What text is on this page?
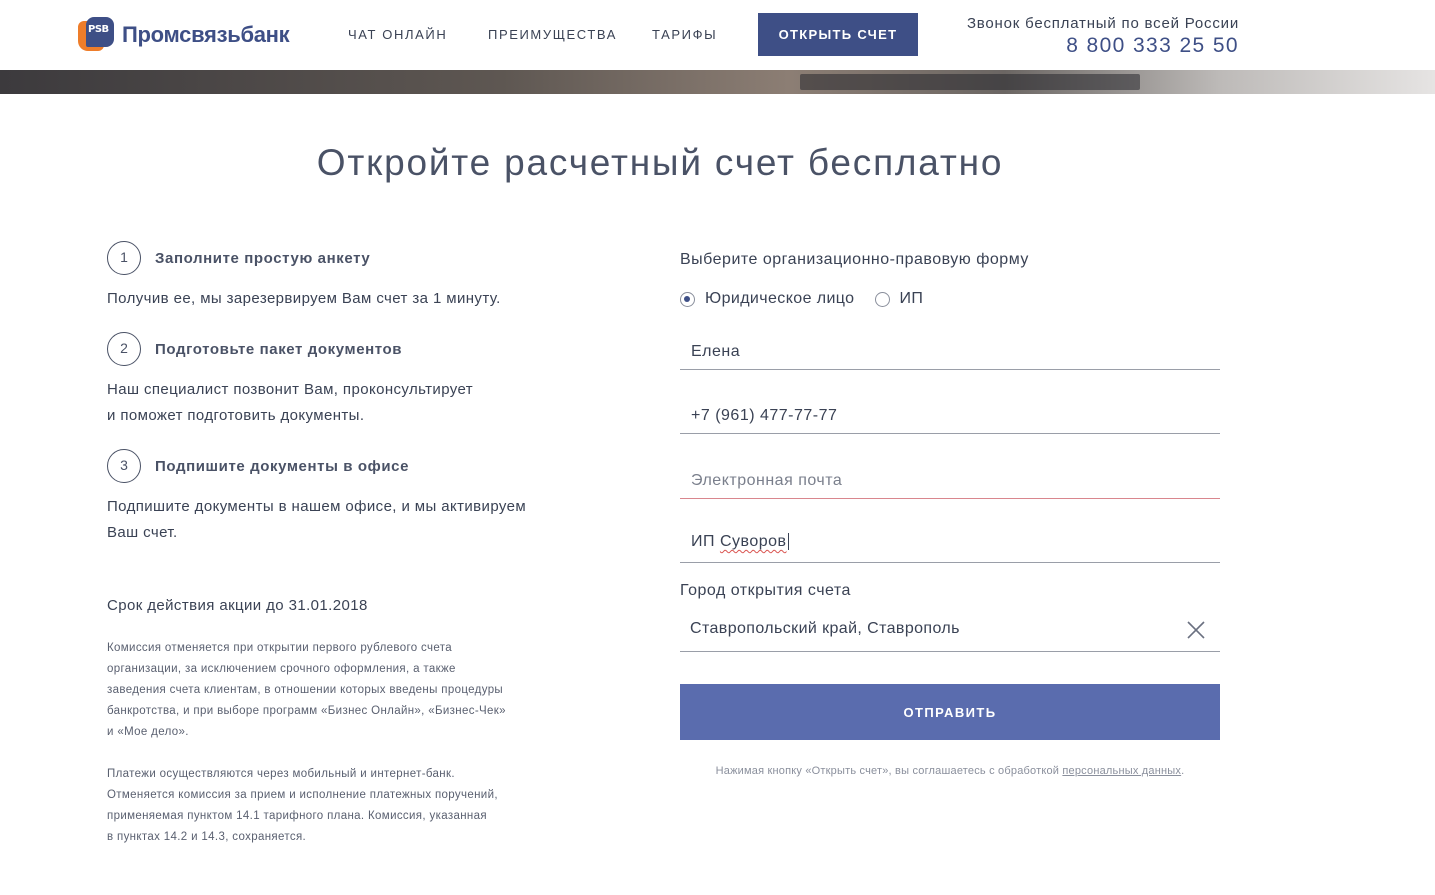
PSB Промсвязьбанк	ЧАТ ОНЛАЙН	ПРЕИМУЩЕСТВА	ТАРИФЫ	ОТКРЫТЬ СЧЕТ
Звонок бесплатный по всей России
8 800 333 25 50
Откройте расчетный счет бесплатно
1	Заполните простую анкету
Получив ее, мы зарезервируем Вам счет за 1 минуту.
2	Подготовьте пакет документов
Наш специалист позвонит Вам, проконсультирует
и поможет подготовить документы.
3	Подпишите документы в офисе
Подпишите документы в нашем офисе, и мы активируем
Ваш счет.
Срок действия акции до 31.01.2018
Комиссия отменяется при открытии первого рублевого счета
организации, за исключением срочного оформления, а также
заведения счета клиентам, в отношении которых введены процедуры
банкротства, и при выборе программ «Бизнес Онлайн», «Бизнес-Чек»
и «Мое дело».
Платежи осуществляются через мобильный и интернет-банк.
Отменяется комиссия за прием и исполнение платежных поручений,
применяемая пунктом 14.1 тарифного плана. Комиссия, указанная
в пунктах 14.2 и 14.3, сохраняется.
Выберите организационно-правовую форму
Юридическое лицо	ИП
Елена
+7 (961) 477-77-77
Электронная почта
ИП Суворов
Город открытия счета
Ставропольский край, Ставрополь
ОТПРАВИТЬ
Нажимая кнопку «Открыть счет», вы соглашаетесь с обработкой персональных данных.
